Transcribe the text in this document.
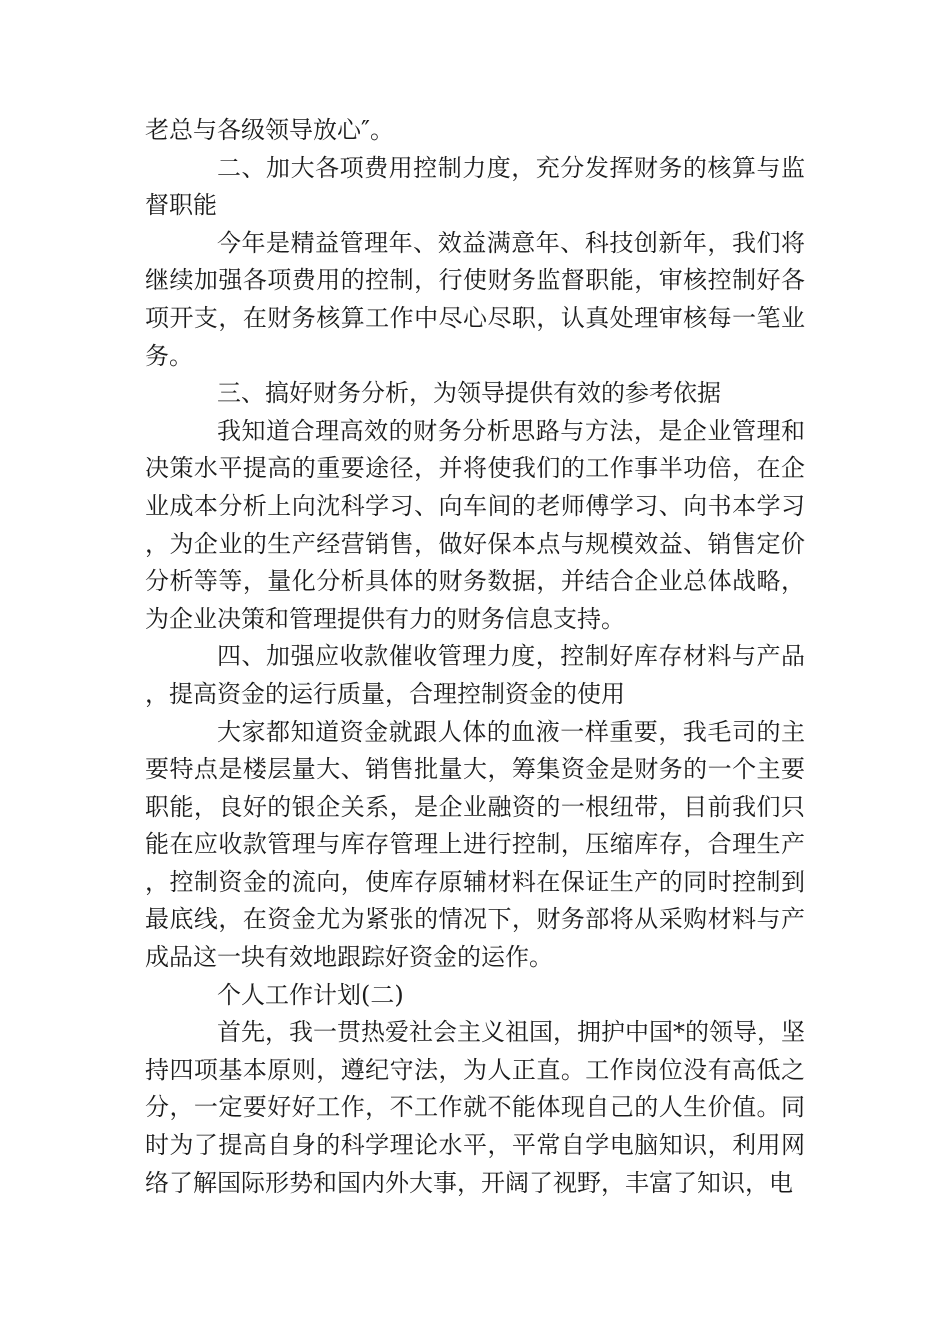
老总与各级领导放心″。

二、加大各项费用控制力度，充分发挥财务的核算与监督职能

今年是精益管理年、效益满意年、科技创新年，我们将继续加强各项费用的控制，行使财务监督职能，审核控制好各项开支，在财务核算工作中尽心尽职，认真处理审核每一笔业务。

三、搞好财务分析，为领导提供有效的参考依据

我知道合理高效的财务分析思路与方法，是企业管理和决策水平提高的重要途径，并将使我们的工作事半功倍，在企业成本分析上向沈科学习、向车间的老师傅学习、向书本学习，为企业的生产经营销售，做好保本点与规模效益、销售定价分析等等，量化分析具体的财务数据，并结合企业总体战略，为企业决策和管理提供有力的财务信息支持。

四、加强应收款催收管理力度，控制好库存材料与产品，提高资金的运行质量，合理控制资金的使用

大家都知道资金就跟人体的血液一样重要，我毛司的主要特点是楼层量大、销售批量大，筹集资金是财务的一个主要职能，良好的银企关系，是企业融资的一根纽带，目前我们只能在应收款管理与库存管理上进行控制，压缩库存，合理生产，控制资金的流向，使库存原辅材料在保证生产的同时控制到最底线，在资金尤为紧张的情况下，财务部将从采购材料与产成品这一块有效地跟踪好资金的运作。

个人工作计划(二)

首先，我一贯热爱社会主义祖国，拥护中国*的领导，坚持四项基本原则，遵纪守法，为人正直。工作岗位没有高低之分，一定要好好工作，不工作就不能体现自己的人生价值。同时为了提高自身的科学理论水平，平常自学电脑知识，利用网络了解国际形势和国内外大事，开阔了视野，丰富了知识，电
